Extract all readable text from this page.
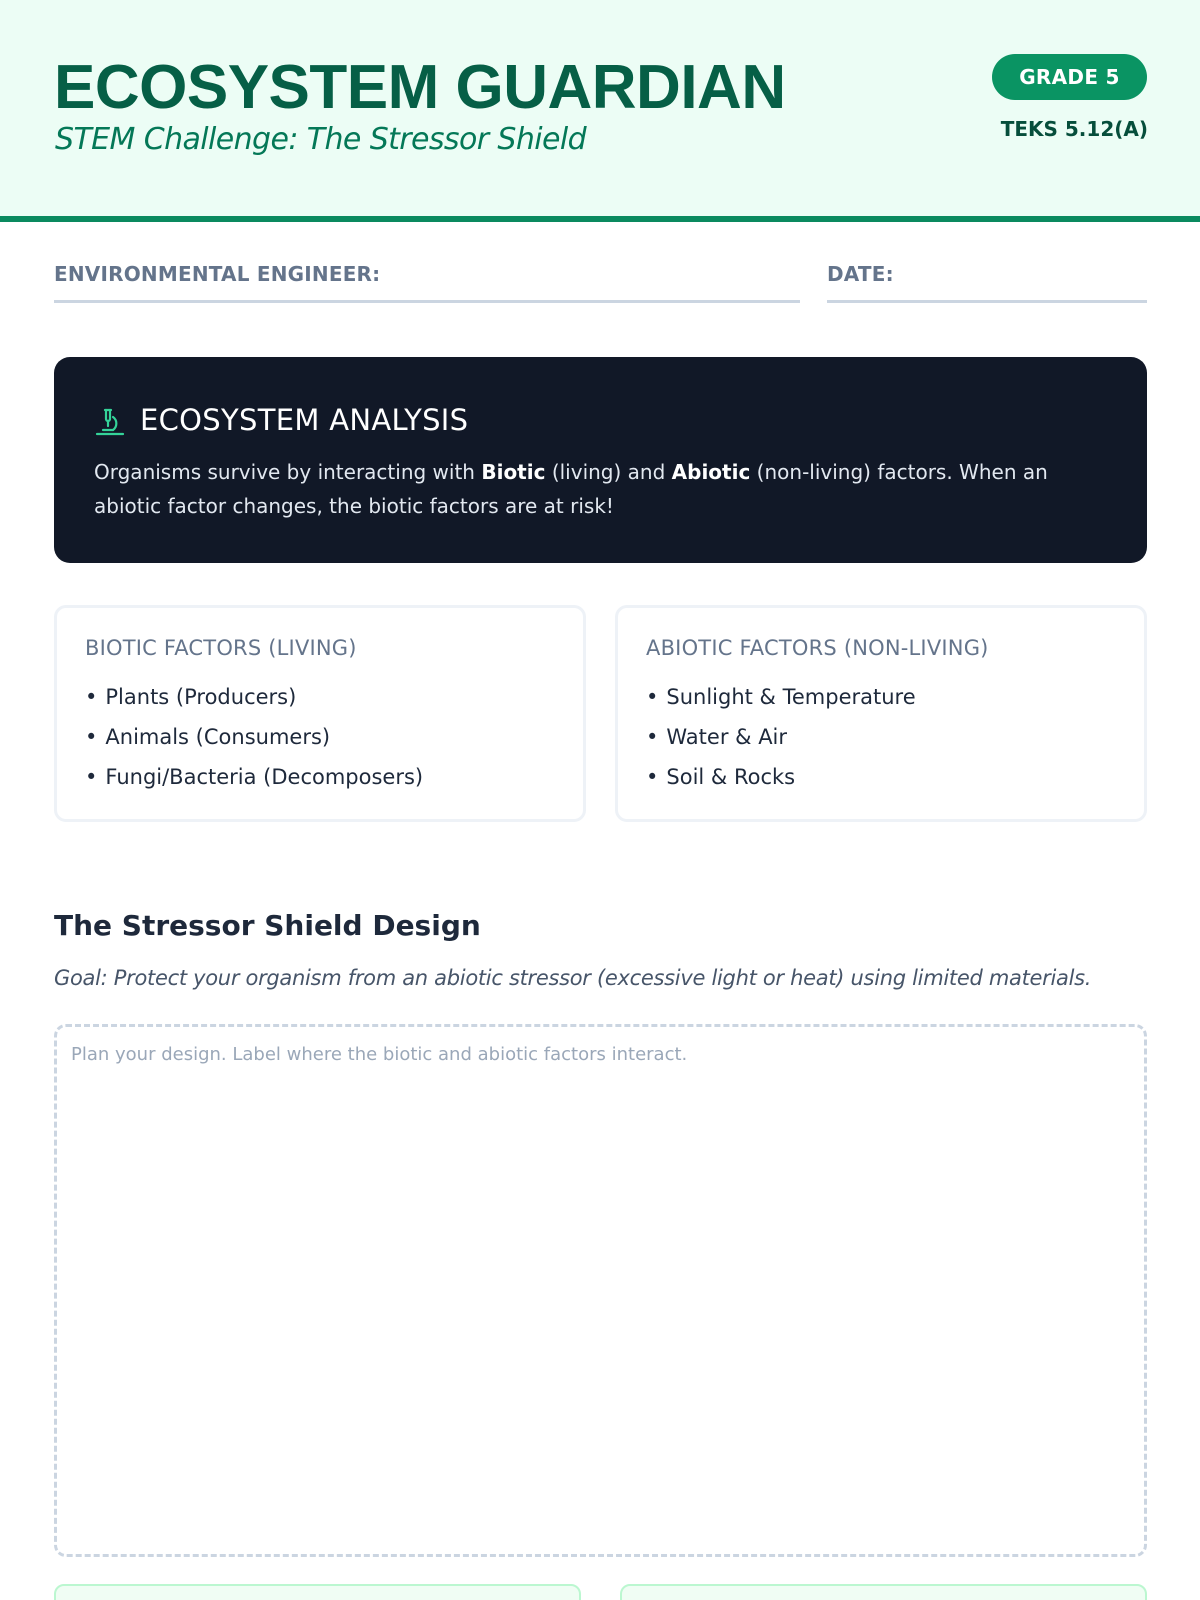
ECOSYSTEM GUARDIAN
STEM Challenge: The Stressor Shield
GRADE 5
TEKS 5.12(A)
ENVIRONMENTAL ENGINEER:	DATE:
ECOSYSTEM ANALYSIS

Organisms survive by interacting with Biotic (living) and Abiotic (non-living) factors. When an abiotic factor changes, the biotic factors are at risk!

BIOTIC FACTORS (LIVING)
• Plants (Producers)
• Animals (Consumers)
• Fungi/Bacteria (Decomposers)
ABIOTIC FACTORS (NON-LIVING)
• Sunlight & Temperature
• Water & Air
• Soil & Rocks
The Stressor Shield Design
Goal: Protect your organism from an abiotic stressor (excessive light or heat) using limited materials.
Plan your design. Label where the biotic and abiotic factors interact.
